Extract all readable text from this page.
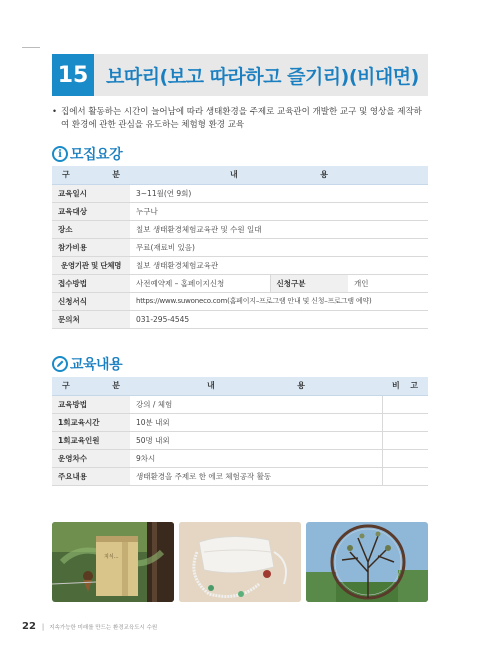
15 보따리(보고 따라하고 즐기리)(비대면)
• 집에서 활동하는 시간이 늘어남에 따라 생태환경을 주제로 교육관이 개발한 교구 및 영상을 제작하여 환경에 관한 관심을 유도하는 체험형 환경 교육
i 모집요강
구 분	내 용		

교육일시	3~11월(연 9회)		
교육대상	누구나		
장소	칠보 생태환경체험교육관 및 수원 일대		
참가비용	무료(재료비 있음)		
운영기관 및 단체명	칠보 생태환경체험교육관		
접수방법	사전예약제 – 홈페이지신청	신청구분	개인
신청서식	https://www.suwoneco.com(홈페이지–프로그램 안내 및 신청–프로그램 예약)		
문의처	031-295-4545		
교육내용
구 분	내 용	비 고

교육방법	강의 / 체험	
1회교육시간	10분 내외	
1회교육인원	50명 내외	
운영차수	9차시	
주요내용	생태환경을 주제로 한 에코 체험공작 활동	
지식…
22 | 지속가능한 미래를 만드는 환경교육도시 수원
